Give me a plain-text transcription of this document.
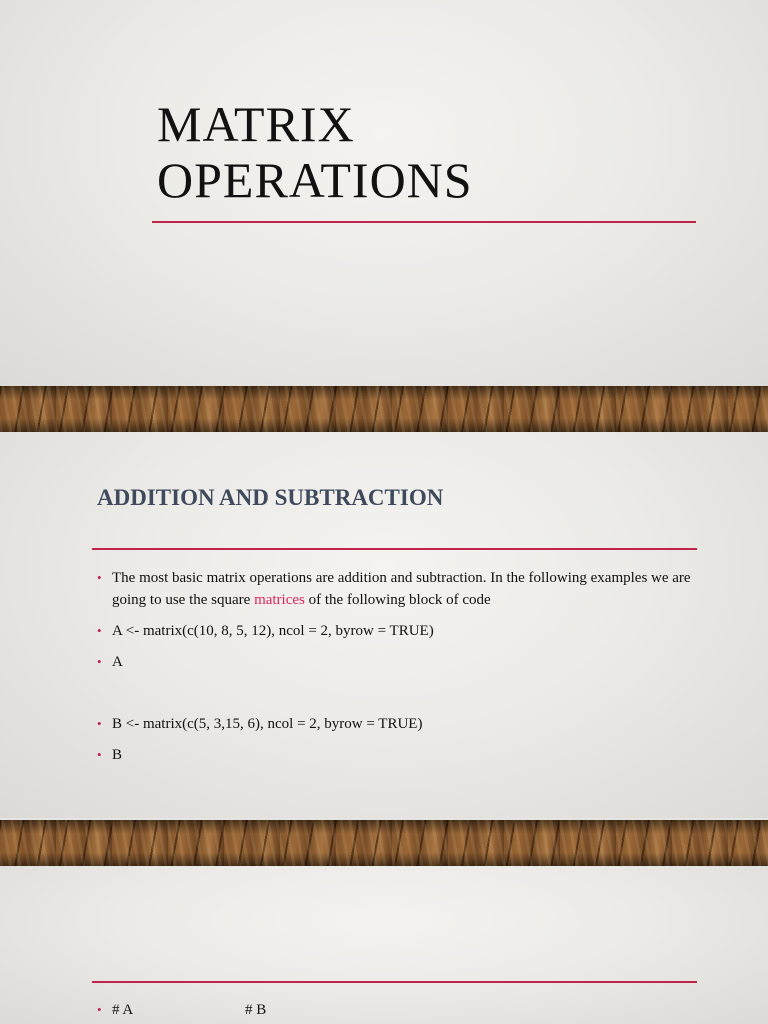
MATRIX
OPERATIONS
ADDITION AND SUBTRACTION
• The most basic matrix operations are addition and subtraction. In the following examples we are going to use the square matrices of the following block of code
• A <- matrix(c(10, 8, 5, 12), ncol = 2, byrow = TRUE)
• A
• B <- matrix(c(5, 3,15, 6), ncol = 2, byrow = TRUE)
• B
• # A	# B
